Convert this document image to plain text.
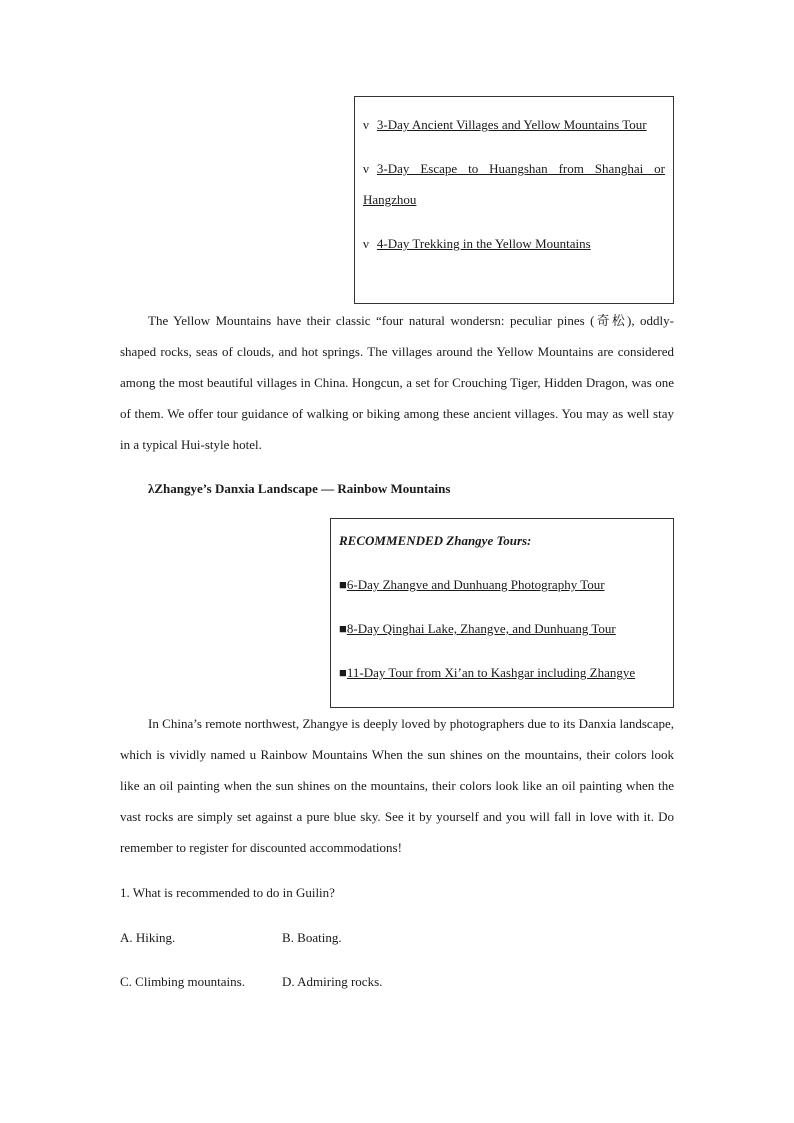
ν 3-Day Ancient Villages and Yellow Mountains Tour
ν 3-Day Escape to Huangshan from Shanghai or Hangzhou
ν 4-Day Trekking in the Yellow Mountains

The Yellow Mountains have their classic “four natural wondersn: peculiar pines (奇松), oddly-shaped rocks, seas of clouds, and hot springs. The villages around the Yellow Mountains are considered among the most beautiful villages in China. Hongcun, a set for Crouching Tiger, Hidden Dragon, was one of them. We offer tour guidance of walking or biking among these ancient villages. You may as well stay in a typical Hui-style hotel.

λZhangye’s Danxia Landscape — Rainbow Mountains
RECOMMENDED Zhangye Tours:
■6-Day Zhangve and Dunhuang Photography Tour
■8-Day Qinghai Lake, Zhangve, and Dunhuang Tour
■11-Day Tour from Xi’an to Kashgar including Zhangye

In China’s remote northwest, Zhangye is deeply loved by photographers due to its Danxia landscape, which is vividly named u Rainbow Mountains When the sun shines on the mountains, their colors look like an oil painting when the sun shines on the mountains, their colors look like an oil painting when the vast rocks are simply set against a pure blue sky. See it by yourself and you will fall in love with it. Do remember to register for discounted accommodations!

1. What is recommended to do in Guilin?
A. Hiking.	B. Boating.
C. Climbing mountains.	D. Admiring rocks.
